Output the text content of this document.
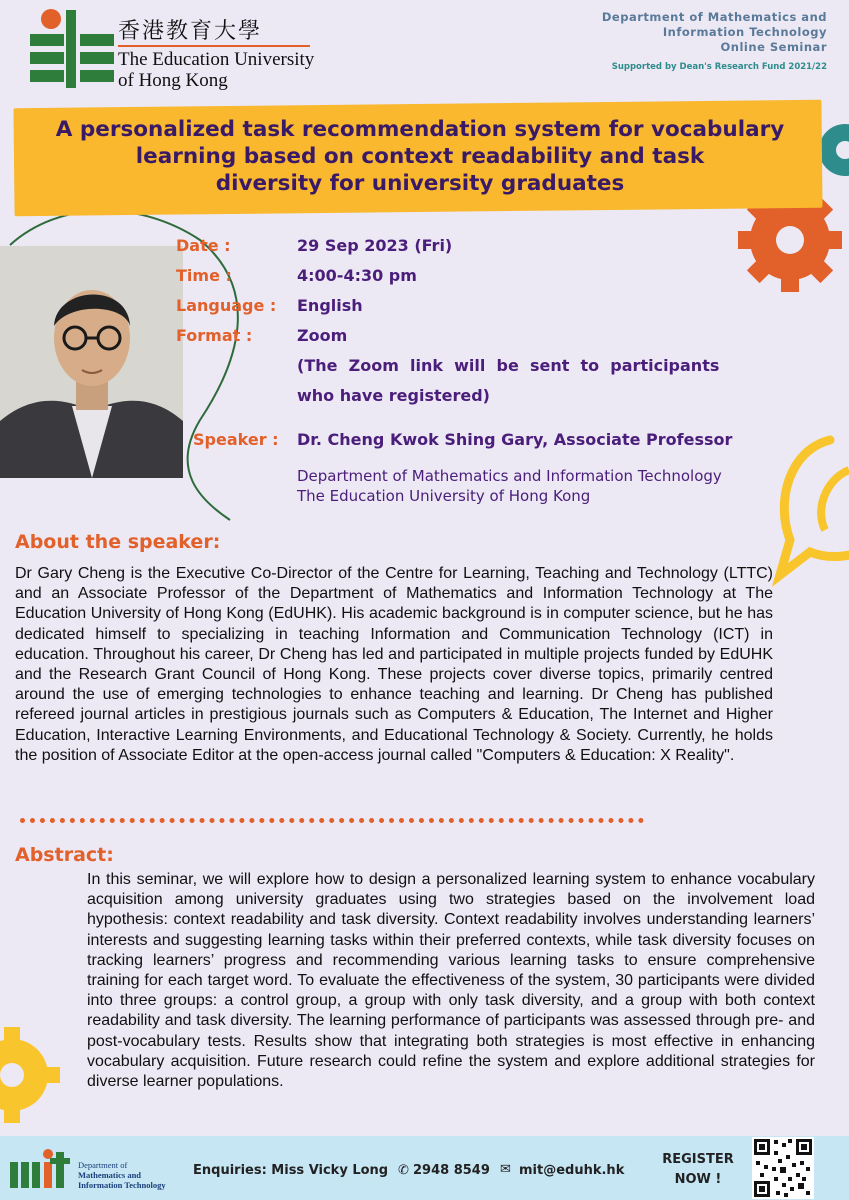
香港教育大學
The Education University
of Hong Kong
Department of Mathematics and
Information Technology
Online Seminar
Supported by Dean's Research Fund 2021/22
A personalized task recommendation system for vocabulary
learning based on context readability and task
diversity for university graduates
Date :	29 Sep 2023 (Fri)
Time :	4:00-4:30 pm
Language : English
Format :	Zoom
(The  Zoom  link  will  be  sent  to  participants
who have registered)
Speaker : Dr. Cheng Kwok Shing Gary, Associate Professor
Department of Mathematics and Information Technology
The Education University of Hong Kong
About the speaker:
Dr Gary Cheng is the Executive Co-Director of the Centre for Learning, Teaching and Technology (LTTC) and an Associate Professor of the Department of Mathematics and Information Technology at The Education University of Hong Kong (EdUHK). His academic background is in computer science, but he has dedicated himself to specializing in teaching Information and Communication Technology (ICT) in education. Throughout his career, Dr Cheng has led and participated in multiple projects funded by EdUHK and the Research Grant Council of Hong Kong. These projects cover diverse topics, primarily centred around the use of emerging technologies to enhance teaching and learning. Dr Cheng has published refereed journal articles in prestigious journals such as Computers & Education, The Internet and Higher Education, Interactive Learning Environments, and Educational Technology & Society. Currently, he holds the position of Associate Editor at the open-access journal called "Computers & Education: X Reality".
Abstract:
In this seminar, we will explore how to design a personalized learning system to enhance vocabulary acquisition among university graduates using two strategies based on the involvement load hypothesis: context readability and task diversity. Context readability involves understanding learners’ interests and suggesting learning tasks within their preferred contexts, while task diversity focuses on tracking learners’ progress and recommending various learning tasks to ensure comprehensive training for each target word. To evaluate the effectiveness of the system, 30 participants were divided into three groups: a control group, a group with only task diversity, and a group with both context readability and task diversity. The learning performance of participants was assessed through pre- and post-vocabulary tests. Results show that integrating both strategies is most effective in enhancing vocabulary acquisition. Future research could refine the system and explore additional strategies for diverse learner populations.
Department of
Mathematics and
Information Technology
Enquiries: Miss Vicky Long ✆ 2948 8549 ✉ mit@eduhk.hk
REGISTER
NOW !
